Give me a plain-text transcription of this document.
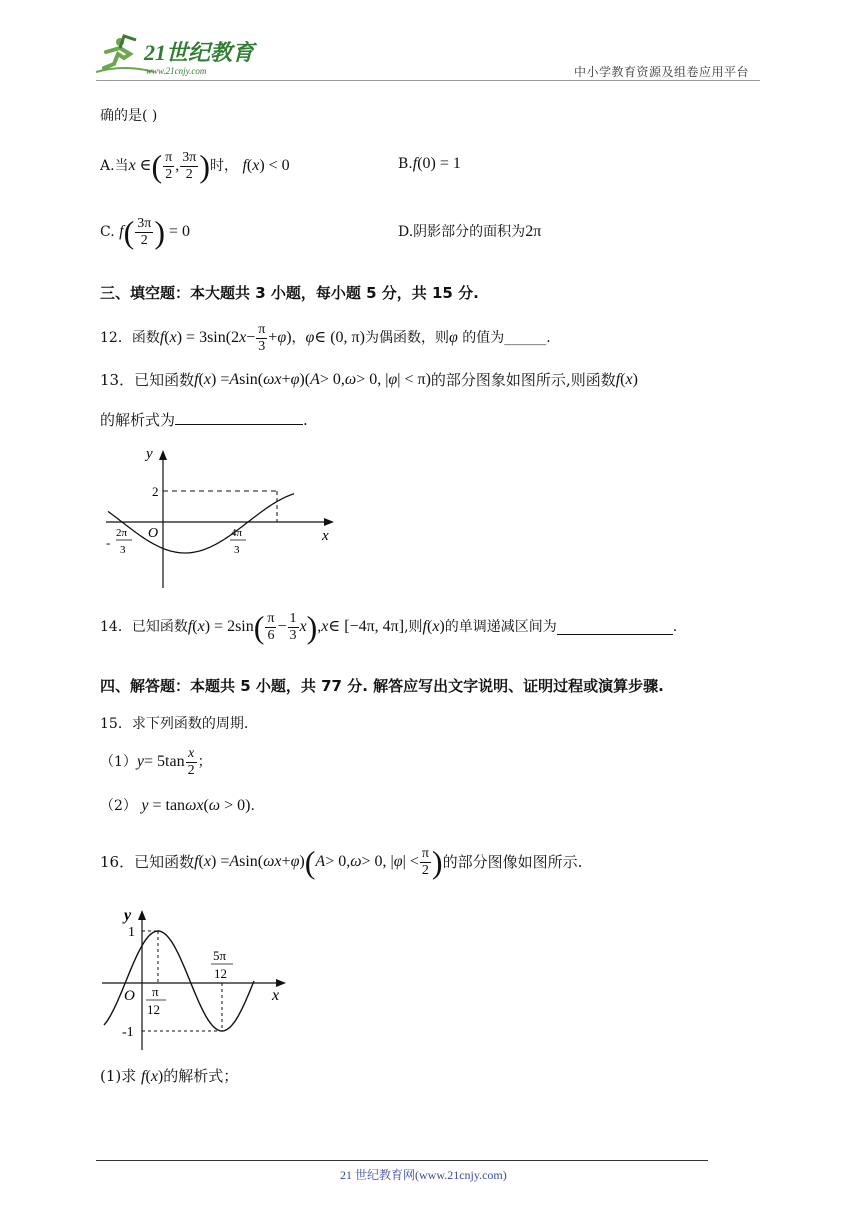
21世纪教育
www.21cnjy.com	中小学教育资源及组卷应用平台
确的是( )
A.当 x ∈ ( $\frac{\pi}{2}$ , $\frac{3\pi}{2}$ ) 时，
f ( x ) < 0	B.f(0) = 1
C.
f ( $\frac{3\pi}{2}$ ) = 0	D.阴影部分的面积为2π
三、填空题：本大题共 3 小题，每小题 5 分，共 15 分.
12．函数 f ( x ) = 3sin(2 $x - \frac{\pi}{3} + \varphi$ ) ， φ ∈ (0, π) 为偶函数，则 φ
的值为______.
13．已知函数 f ( x ) = A sin( ωx + φ )( A > 0, ω > 0, | φ | < π) 的部分图象如图所示,则函数 f ( x )
的解析式为	.
y
x
O
2
-
2π
3
4π
3
14．已知函数 f ( x ) = 2sin ( $\frac{\pi}{6} - \frac{1}{3}$ x ) , x ∈ [−4π, 4π] ,则 f ( x ) 的单调递减区间为	.
四、解答题：本题共 5 小题，共 77 分. 解答应写出文字说明、证明过程或演算步骤.
15．求下列函数的周期.
（1） $y = 5\tan \frac{x}{2}$ ；
（2） y = tanωx(ω > 0).
16．已知函数 f ( x ) = A sin( ωx + φ ) ( A > 0, ω > 0, | φ | < $\frac{\pi}{2}$ ) 的部分图像如图所示.
y
x
O
1
-1
π
12
5π
12
(1)求 f(x)的解析式；
21 世纪教育网(www.21cnjy.com)
